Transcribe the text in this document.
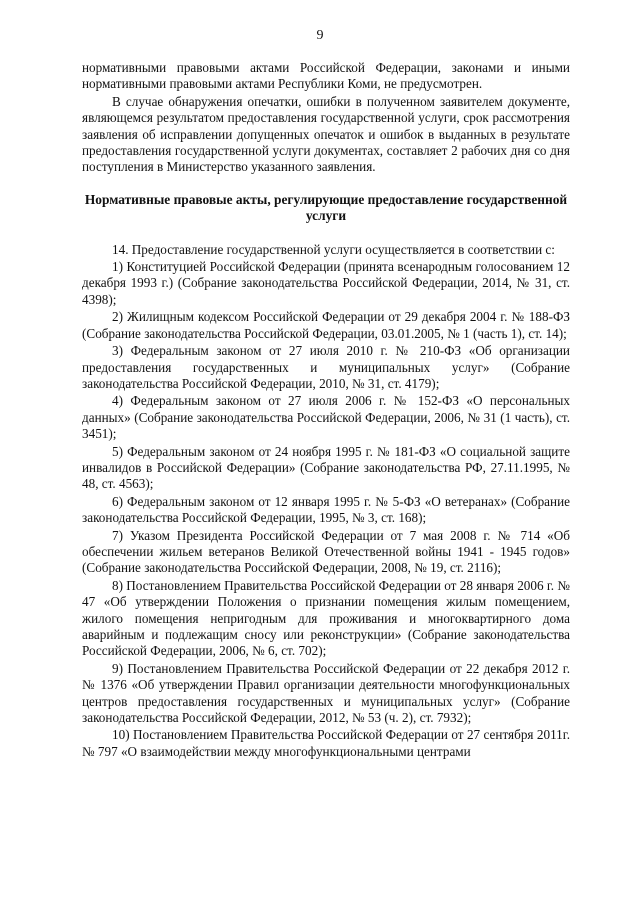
9

нормативными правовыми актами Российской Федерации, законами и иными нормативными правовыми актами Республики Коми, не предусмотрен.

В случае обнаружения опечатки, ошибки в полученном заявителем документе, являющемся результатом предоставления государственной услуги, срок рассмотрения заявления об исправлении допущенных опечаток и ошибок в выданных в результате предоставления государственной услуги документах, составляет 2 рабочих дня со дня поступления в Министерство указанного заявления.

Нормативные правовые акты, регулирующие предоставление государственной услуги

14. Предоставление государственной услуги осуществляется в соответствии с:

1) Конституцией Российской Федерации (принята всенародным голосованием 12 декабря 1993 г.) (Собрание законодательства Российской Федерации, 2014, № 31, ст. 4398);

2) Жилищным кодексом Российской Федерации от 29 декабря 2004 г. № 188-ФЗ (Собрание законодательства Российской Федерации, 03.01.2005, № 1 (часть 1), ст. 14);

3) Федеральным законом от 27 июля 2010 г. № 210-ФЗ «Об организации предоставления государственных и муниципальных услуг» (Собрание законодательства Российской Федерации, 2010, № 31, ст. 4179);

4) Федеральным законом от 27 июля 2006 г. № 152-ФЗ «О персональных данных» (Собрание законодательства Российской Федерации, 2006, № 31 (1 часть), ст. 3451);

5) Федеральным законом от 24 ноября 1995 г. № 181-ФЗ «О социальной защите инвалидов в Российской Федерации» (Собрание законодательства РФ, 27.11.1995, № 48, ст. 4563);

6) Федеральным законом от 12 января 1995 г. № 5-ФЗ «О ветеранах» (Собрание законодательства Российской Федерации, 1995, № 3, ст. 168);

7) Указом Президента Российской Федерации от 7 мая 2008 г. № 714 «Об обеспечении жильем ветеранов Великой Отечественной войны 1941 - 1945 годов» (Собрание законодательства Российской Федерации, 2008, № 19, ст. 2116);

8) Постановлением Правительства Российской Федерации от 28 января 2006 г. № 47 «Об утверждении Положения о признании помещения жилым помещением, жилого помещения непригодным для проживания и многоквартирного дома аварийным и подлежащим сносу или реконструкции» (Собрание законодательства Российской Федерации, 2006, № 6, ст. 702);

9) Постановлением Правительства Российской Федерации от 22 декабря 2012 г. № 1376 «Об утверждении Правил организации деятельности многофункциональных центров предоставления государственных и муниципальных услуг» (Собрание законодательства Российской Федерации, 2012, № 53 (ч. 2), ст. 7932);

10) Постановлением Правительства Российской Федерации от 27 сентября 2011г. № 797 «О взаимодействии между многофункциональными центрами
